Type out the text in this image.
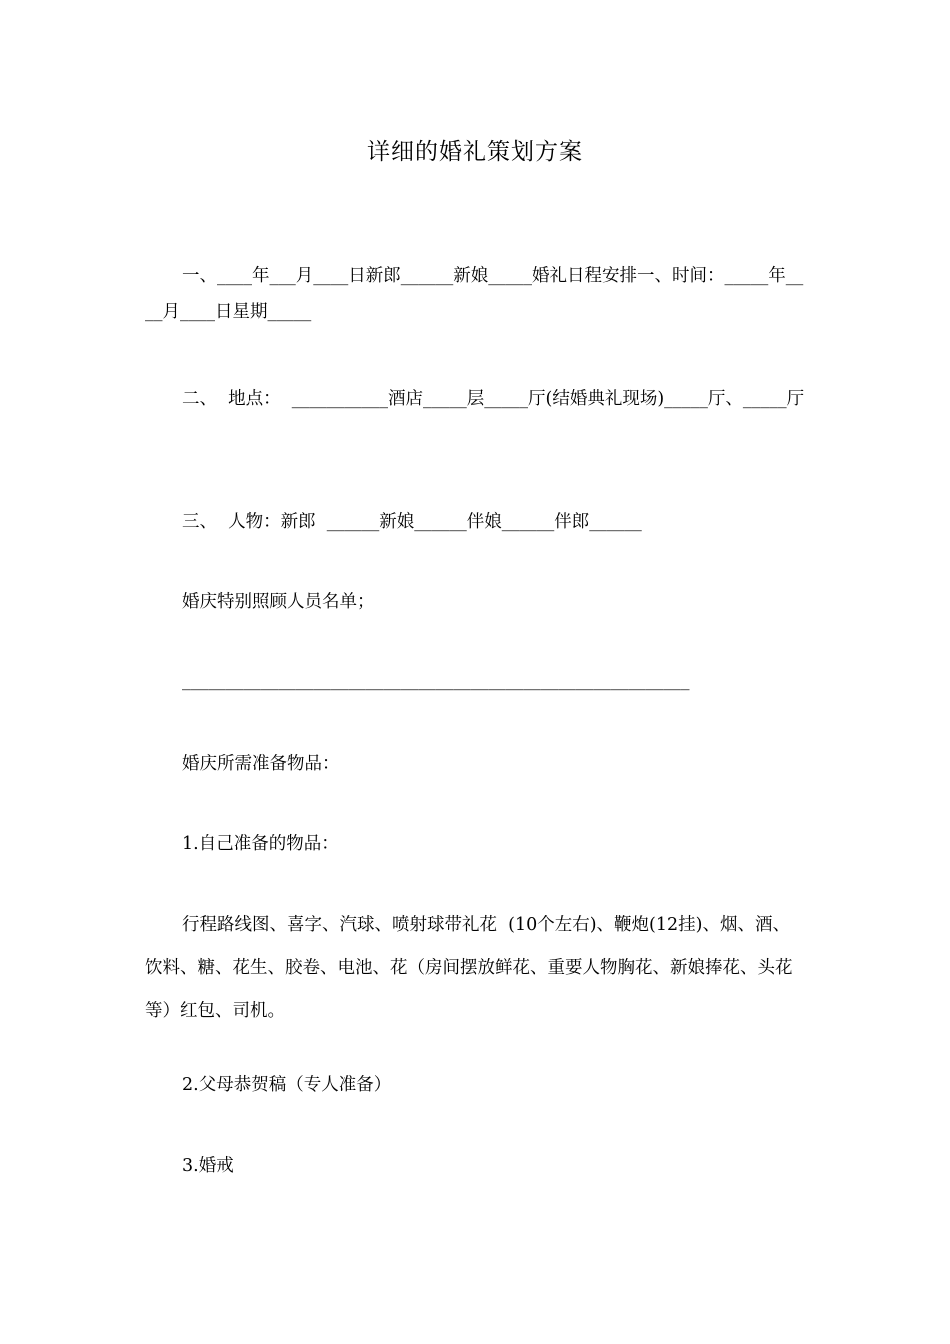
详细的婚礼策划方案
一、____年___月____日新郎______新娘_____婚礼日程安排一、时间：_____年____月____日星期_____
二、  地点：  ___________酒店_____层_____厅(结婚典礼现场)_____厅、_____厅
三、  人物：新郎  ______新娘______伴娘______伴郎______
婚庆特别照顾人员名单；
__________________________________________________________
婚庆所需准备物品：
1.自己准备的物品：
行程路线图、喜字、汽球、喷射球带礼花  (10个左右)、鞭炮(12挂)、烟、酒、饮料、糖、花生、胶卷、电池、花（房间摆放鲜花、重要人物胸花、新娘捧花、头花等）红包、司机。
2.父母恭贺稿（专人准备）
3.婚戒
